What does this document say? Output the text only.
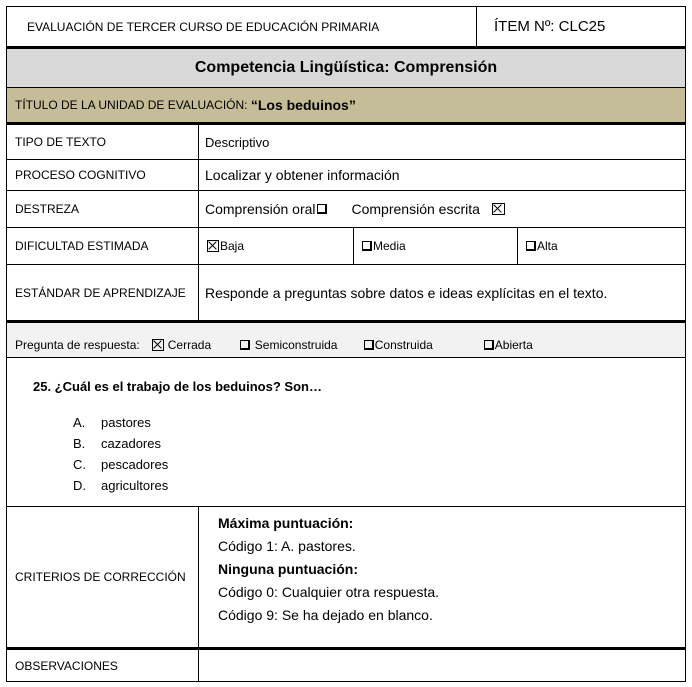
EVALUACIÓN DE TERCER CURSO DE EDUCACIÓN PRIMARIA	ÍTEM Nº: CLC25
Competencia Lingüística: Comprensión
TÍTULO DE LA UNIDAD DE EVALUACIÓN:
“Los beduinos”
TIPO DE TEXTO	Descriptivo
PROCESO COGNITIVO	Localizar y obtener información
DESTREZA	Comprensión oral	Comprensión escrita
DIFICULTAD ESTIMADA	Baja	Media	Alta
ESTÁNDAR DE APRENDIZAJE	Responde a preguntas sobre datos e ideas explícitas en el texto.
Pregunta de respuesta: Cerrada	Semiconstruida	Construida	Abierta
25. ¿Cuál es el trabajo de los beduinos? Son…
A.	pastores
B.	cazadores
C.	pescadores
D.	agricultores
CRITERIOS DE CORRECCIÓN
Máxima puntuación:
Código 1: A. pastores.
Ninguna puntuación:
Código 0: Cualquier otra respuesta.
Código 9: Se ha dejado en blanco.
OBSERVACIONES
